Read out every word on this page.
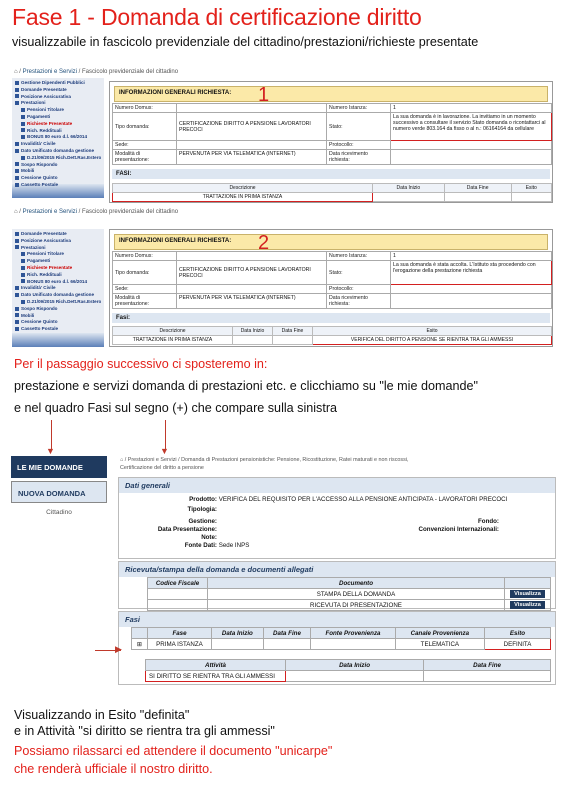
Fase 1 - Domanda di certificazione diritto
visualizzabile in fascicolo previdenziale del cittadino/prestazioni/richieste presentate
⌂ / Prestazioni e Servizi / Fascicolo previdenziale del cittadino
Gestione Dipendenti Pubblici
Domande Presentate
Posizione Assicurativa
Prestazioni
Pensioni Titolare
Pagamenti
Richieste Presentate
Rich. Reddituali
BONUS 80 euro d.l. 66/2014
Invalidità' Civile
Dato Unificato domanda gestione
D.21/09/2015 Rich.Dett.Ras.Estero
Sospo Rispondo
Mobili
Cessione Quinto
Cassetto Postale
INFORMAZIONI GENERALI RICHIESTA:	1
Numero Domus:		Numero Istanza:	1
Tipo domanda:	CERTIFICAZIONE DIRITTO A PENSIONE LAVORATORI PRECOCI	Stato:	La sua domanda è in lavorazione. La invitiamo in un momento successivo a consultare il servizio Stato domanda o ricontattarci al numero verde 803.164 da fisso o al n.: 06164164 da cellulare
Sede:		Protocollo:	
Modalità di presentazione:	PERVENUTA PER VIA TELEMATICA (INTERNET)	Data ricevimento richiesta:	
FASI:
Descrizione	Data Inizio	Data Fine	Esito
TRATTAZIONE IN PRIMA ISTANZA			
⌂ / Prestazioni e Servizi / Fascicolo previdenziale del cittadino
Domande Presentate
Posizione Assicurativa
Prestazioni
Pensioni Titolare
Pagamenti
Richieste Presentate
Rich. Reddituali
BONUS 80 euro d.l. 66/2014
Invalidità' Civile
Dato Unificato domanda gestione
D.21/09/2015 Rich.Dett.Ras.Estero
Sospo Rispondo
Mobili
Cessione Quinto
Cassetto Postale
INFORMAZIONI GENERALI RICHIESTA:	2
Numero Domus:		Numero Istanza:	1
Tipo domanda:	CERTIFICAZIONE DIRITTO A PENSIONE LAVORATORI PRECOCI	Stato:	La sua domanda è stata accolta. L'Istituto sta procedendo con l'erogazione della prestazione richiesta
Sede:		Protocollo:	
Modalità di presentazione:	PERVENUTA PER VIA TELEMATICA (INTERNET)	Data ricevimento richiesta:	
Fasi:
Descrizione	Data Inizio	Data Fine	Esito
TRATTAZIONE IN PRIMA ISTANZA			VERIFICA DEL DIRITTO A PENSIONE SE RIENTRA TRA GLI AMMESSI
Per il passaggio successivo ci sposteremo in:
prestazione e servizi domanda di prestazioni etc. e clicchiamo su "le mie domande"
e nel quadro Fasi sul segno (+) che compare sulla sinistra
▼	▼
LE MIE DOMANDE
NUOVA DOMANDA
Cittadino
⌂ / Prestazioni e Servizi / Domanda di Prestazioni pensionistiche: Pensione, Ricostituzione, Ratei maturati e non riscossi,
Certificazione del diritto a pensione
Dati generali
Prodotto: VERIFICA DEL REQUISITO PER L'ACCESSO ALLA PENSIONE ANTICIPATA - LAVORATORI PRECOCI
Tipologia:
Gestione:
Data Presentazione:
Note:
Fonte Dati: Sede INPS
Fondo:
Convenzioni Internazionali:
Ricevuta/stampa della domanda e documenti allegati
Codice Fiscale	Documento	
	STAMPA DELLA DOMANDA	Visualizza
	RICEVUTA DI PRESENTAZIONE	Visualizza
Fasi
	Fase	Data Inizio	Data Fine	Fonte Provenienza	Canale Provenienza	Esito
⊞	PRIMA ISTANZA				TELEMATICA	DEFINITA
Attività	Data Inizio	Data Fine
SI DIRITTO SE RIENTRA TRA GLI AMMESSI		
▶
Visualizzando in Esito "definita"
e in Attività "si diritto se rientra tra gli ammessi"
Possiamo rilassarci ed attendere il documento "unicarpe"
che renderà ufficiale il nostro diritto.
